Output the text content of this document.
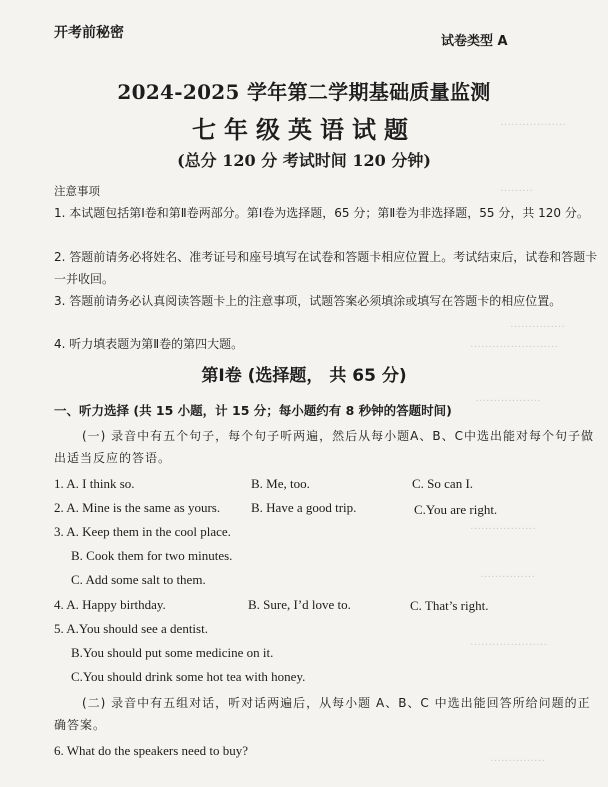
………………
………
……………
……………………
………………
………………
……………
…………………
……………
开考前秘密
试卷类型 A
2024-2025 学年第二学期基础质量监测
七年级英语试题
(总分 120 分 考试时间 120 分钟)
注意事项
1. 本试题包括第Ⅰ卷和第Ⅱ卷两部分。第Ⅰ卷为选择题，65 分；第Ⅱ卷为非选择题，55 分，共 120 分。
2. 答题前请务必将姓名、准考证号和座号填写在试卷和答题卡相应位置上。考试结束后，试卷和答题卡一并收回。
3. 答题前请务必认真阅读答题卡上的注意事项，试题答案必须填涂或填写在答题卡的相应位置。
4. 听力填表题为第Ⅱ卷的第四大题。
第Ⅰ卷 (选择题， 共 65 分)
一、听力选择 (共 15 小题，计 15 分；每小题约有 8 秒钟的答题时间)
(一) 录音中有五个句子，每个句子听两遍，然后从每小题A、B、C中选出能对每个句子做出适当反应的答语。
1. A. I think so.	B. Me, too.	C. So can I.
2. A. Mine is the same as yours. B. Have a good trip.	C.You are right.
3. A. Keep them in the cool place.
B. Cook them for two minutes.
C. Add some salt to them.
4. A. Happy birthday.	B. Sure, I’d love to.	C. That’s right.
5. A.You should see a dentist.
B.You should put some medicine on it.
C.You should drink some hot tea with honey.
(二) 录音中有五组对话，听对话两遍后，从每小题 A、B、C 中选出能回答所给问题的正确答案。
6. What do the speakers need to buy?
